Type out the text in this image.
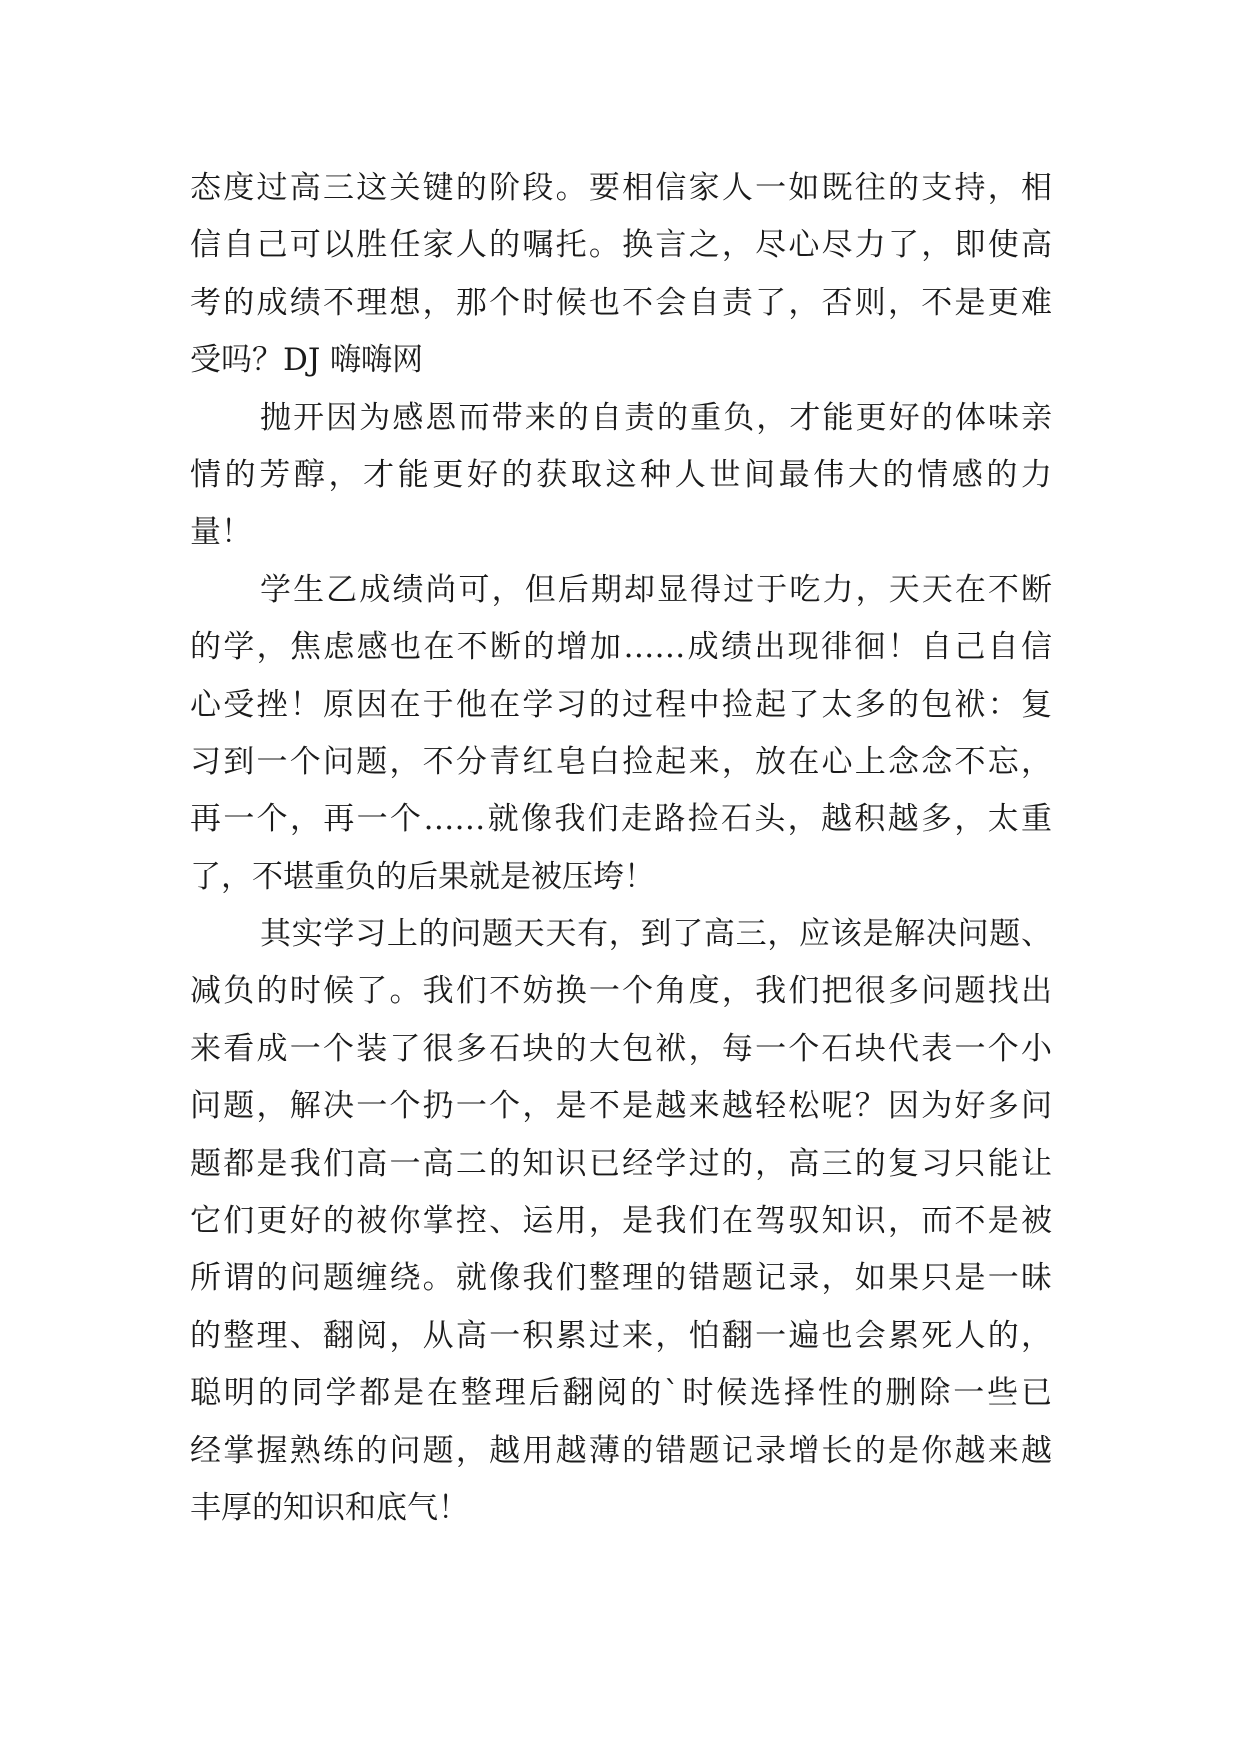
态度过高三这关键的阶段。要相信家人一如既往的支持，相
信自己可以胜任家人的嘱托。换言之，尽心尽力了，即使高
考的成绩不理想，那个时候也不会自责了，否则，不是更难
受吗？DJ 嗨嗨网
抛开因为感恩而带来的自责的重负，才能更好的体味亲
情的芳醇，才能更好的获取这种人世间最伟大的情感的力
量！
学生乙成绩尚可，但后期却显得过于吃力，天天在不断
的学，焦虑感也在不断的增加……成绩出现徘徊！自己自信
心受挫！原因在于他在学习的过程中捡起了太多的包袱：复
习到一个问题，不分青红皂白捡起来，放在心上念念不忘，
再一个，再一个……就像我们走路捡石头，越积越多，太重
了，不堪重负的后果就是被压垮！
其实学习上的问题天天有，到了高三，应该是解决问题、
减负的时候了。我们不妨换一个角度，我们把很多问题找出
来看成一个装了很多石块的大包袱，每一个石块代表一个小
问题，解决一个扔一个，是不是越来越轻松呢？因为好多问
题都是我们高一高二的知识已经学过的，高三的复习只能让
它们更好的被你掌控、运用，是我们在驾驭知识，而不是被
所谓的问题缠绕。就像我们整理的错题记录，如果只是一昧
的整理、翻阅，从高一积累过来，怕翻一遍也会累死人的，
聪明的同学都是在整理后翻阅的`时候选择性的删除一些已
经掌握熟练的问题，越用越薄的错题记录增长的是你越来越
丰厚的知识和底气！
